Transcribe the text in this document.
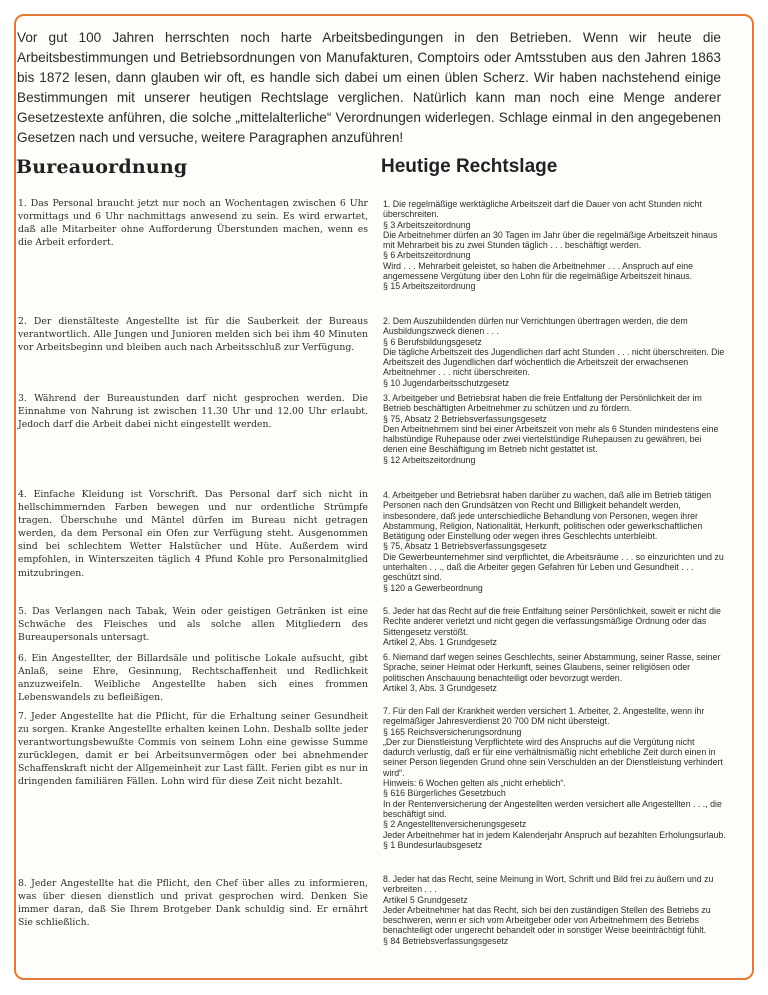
Vor gut 100 Jahren herrschten noch harte Arbeitsbedingungen in den Betrieben. Wenn wir heute die Arbeitsbestimmungen und Betriebsordnungen von Manufakturen, Comptoirs oder Amtsstuben aus den Jahren 1863 bis 1872 lesen, dann glauben wir oft, es handle sich dabei um einen üblen Scherz. Wir haben nachstehend einige Bestimmungen mit unserer heutigen Rechtslage verglichen. Natürlich kann man noch eine Menge anderer Gesetzestexte anführen, die solche „mittelalterliche“ Verordnungen widerlegen. Schlage einmal in den angegebenen Gesetzen nach und versuche, weitere Paragraphen anzuführen!

Bureauordnung	Heutige Rechtslage

1. Das Personal braucht jetzt nur noch an Wochentagen zwischen 6 Uhr vormittags und 6 Uhr nachmittags anwesend zu sein. Es wird erwartet, daß alle Mitarbeiter ohne Aufforderung Überstunden machen, wenn es die Arbeit erfordert.

2. Der dienstälteste Angestellte ist für die Sauberkeit der Bureaus verantwortlich. Alle Jungen und Junioren melden sich bei ihm 40 Minuten vor Arbeitsbeginn und bleiben auch nach Arbeitsschluß zur Verfügung.

3. Während der Bureaustunden darf nicht gesprochen werden. Die Einnahme von Nahrung ist zwischen 11.30 Uhr und 12.00 Uhr erlaubt. Jedoch darf die Arbeit dabei nicht eingestellt werden.

4. Einfache Kleidung ist Vorschrift. Das Personal darf sich nicht in hellschimmernden Farben bewegen und nur ordentliche Strümpfe tragen. Überschuhe und Mäntel dürfen im Bureau nicht getragen werden, da dem Personal ein Ofen zur Verfügung steht. Ausgenommen sind bei schlechtem Wetter Halstücher und Hüte. Außerdem wird empfohlen, in Winterszeiten täglich 4 Pfund Kohle pro Personalmitglied mitzubringen.

5. Das Verlangen nach Tabak, Wein oder geistigen Getränken ist eine Schwäche des Fleisches und als solche allen Mitgliedern des Bureaupersonals untersagt.

6. Ein Angestellter, der Billardsäle und politische Lokale aufsucht, gibt Anlaß, seine Ehre, Gesinnung, Rechtschaffenheit und Redlichkeit anzuzweifeln. Weibliche Angestellte haben sich eines frommen Lebenswandels zu befleißigen.

7. Jeder Angestellte hat die Pflicht, für die Erhaltung seiner Gesundheit zu sorgen. Kranke Angestellte erhalten keinen Lohn. Deshalb sollte jeder verantwortungsbewußte Commis von seinem Lohn eine gewisse Summe zurücklegen, damit er bei Arbeitsunvermögen oder bei abnehmender Schaffenskraft nicht der Allgemeinheit zur Last fällt. Ferien gibt es nur in dringenden familiären Fällen. Lohn wird für diese Zeit nicht bezahlt.

8. Jeder Angestellte hat die Pflicht, den Chef über alles zu informieren, was über diesen dienstlich und privat gesprochen wird. Denken Sie immer daran, daß Sie Ihrem Brotgeber Dank schuldig sind. Er ernährt Sie schließlich.

1. Die regelmäßige werktägliche Arbeitszeit darf die Dauer von acht Stunden nicht überschreiten.
§ 3 Arbeitszeitordnung
Die Arbeitnehmer dürfen an 30 Tagen im Jahr über die regelmäßige Arbeitszeit hinaus mit Mehrarbeit bis zu zwei Stunden täglich . . . beschäftigt werden.
§ 6 Arbeitszeitordnung
Wird . . . Mehrarbeit geleistet, so haben die Arbeitnehmer . . . Anspruch auf eine angemessene Vergütung über den Lohn für die regelmäßige Arbeitszeit hinaus.
§ 15 Arbeitszeitordnung

2. Dem Auszubildenden dürfen nur Verrichtungen übertragen werden, die dem Ausbildungszweck dienen . . .
§ 6 Berufsbildungsgesetz
Die tägliche Arbeitszeit des Jugendlichen darf acht Stunden . . . nicht überschreiten. Die Arbeitszeit des Jugendlichen darf wöchentlich die Arbeitszeit der erwachsenen Arbeitnehmer . . . nicht überschreiten.
§ 10 Jugendarbeitsschutzgesetz

3. Arbeitgeber und Betriebsrat haben die freie Entfaltung der Persönlichkeit der im Betrieb beschäftigten Arbeitnehmer zu schützen und zu fördern.
§ 75, Absatz 2 Betriebsverfassungsgesetz
Den Arbeitnehmern sind bei einer Arbeitszeit von mehr als 6 Stunden mindestens eine halbstündige Ruhepause oder zwei viertelstündige Ruhepausen zu gewähren, bei denen eine Beschäftigung im Betrieb nicht gestattet ist.
§ 12 Arbeitszeitordnung

4. Arbeitgeber und Betriebsrat haben darüber zu wachen, daß alle im Betrieb tätigen Personen nach den Grundsätzen von Recht und Billigkeit behandelt werden, insbesondere, daß jede unterschiedliche Behandlung von Personen, wegen ihrer Abstammung, Religion, Nationalität, Herkunft, politischen oder gewerkschaftlichen Betätigung oder Einstellung oder wegen ihres Geschlechts unterbleibt.
§ 75, Absatz 1 Betriebsverfassungsgesetz
Die Gewerbeunternehmer sind verpflichtet, die Arbeitsräume . . . so einzurichten und zu unterhalten . . ., daß die Arbeiter gegen Gefahren für Leben und Gesundheit . . . geschützt sind.
§ 120 a Gewerbeordnung

5. Jeder hat das Recht auf die freie Entfaltung seiner Persönlichkeit, soweit er nicht die Rechte anderer verletzt und nicht gegen die verfassungsmäßige Ordnung oder das Sittengesetz verstößt.
Artikel 2, Abs. 1 Grundgesetz

6. Niemand darf wegen seines Geschlechts, seiner Abstammung, seiner Rasse, seiner Sprache, seiner Heimat oder Herkunft, seines Glaubens, seiner religiösen oder politischen Anschauung benachteiligt oder bevorzugt werden.
Artikel 3, Abs. 3 Grundgesetz

7. Für den Fall der Krankheit werden versichert 1. Arbeiter, 2. Angestellte, wenn ihr regelmäßiger Jahresverdienst 20 700 DM nicht übersteigt.
§ 165 Reichsversicherungsordnung
„Der zur Dienstleistung Verpflichtete wird des Anspruchs auf die Vergütung nicht dadurch verlustig, daß er für eine verhältnismäßig nicht erhebliche Zeit durch einen in seiner Person liegenden Grund ohne sein Verschulden an der Dienstleistung verhindert wird“.
Hinweis: 6 Wochen gelten als „nicht erheblich“.
§ 616 Bürgerliches Gesetzbuch
In der Rentenversicherung der Angestellten werden versichert alle Angestellten . . ., die beschäftigt sind.
§ 2 Angestelltenversicherungsgesetz
Jeder Arbeitnehmer hat in jedem Kalenderjahr Anspruch auf bezahlten Erholungsurlaub.
§ 1 Bundesurlaubsgesetz

8. Jeder hat das Recht, seine Meinung in Wort, Schrift und Bild frei zu äußern und zu verbreiten . . .
Artikel 5 Grundgesetz
Jeder Arbeitnehmer hat das Recht, sich bei den zuständigen Stellen des Betriebs zu beschweren, wenn er sich vom Arbeitgeber oder von Arbeitnehmern des Betriebs benachteiligt oder ungerecht behandelt oder in sonstiger Weise beeinträchtigt fühlt.
§ 84 Betriebsverfassungsgesetz
